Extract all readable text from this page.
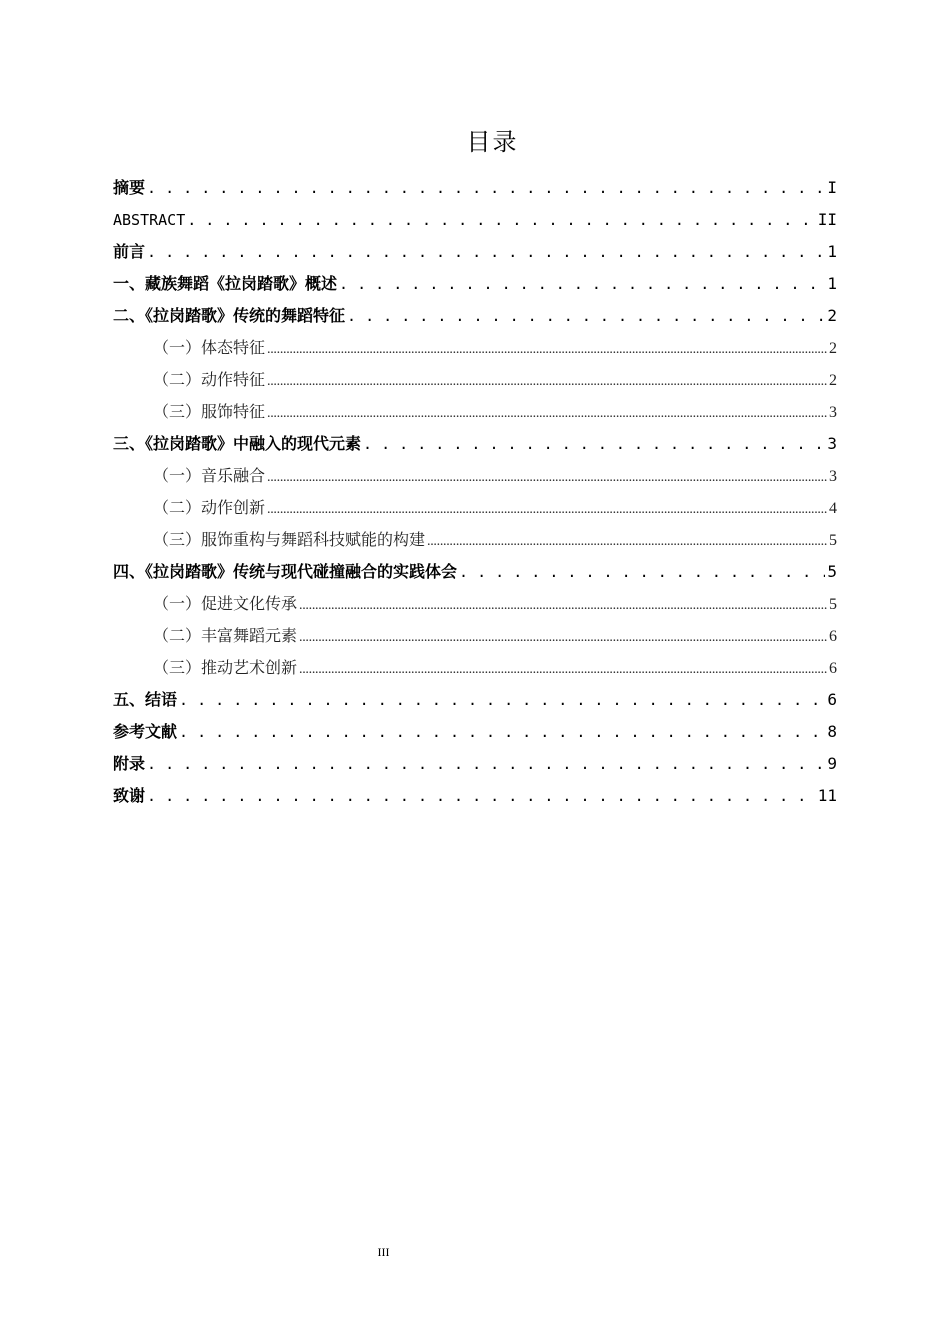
目录
摘要 . . .	I
ABSTRACT . . .	II
前言 . . .	1
一、藏族舞蹈《拉岗踏歌》概述 . . .	1
二、《拉岗踏歌》传统的舞蹈特征 . . .	2
（一）体态特征 .....	2
（二）动作特征 .....	2
（三）服饰特征 .....	3
三、《拉岗踏歌》中融入的现代元素 . . .	3
（一）音乐融合 .....	3
（二）动作创新 .....	4
（三）服饰重构与舞蹈科技赋能的构建 .....	5
四、《拉岗踏歌》传统与现代碰撞融合的实践体会 . . .	5
（一）促进文化传承 .....	5
（二）丰富舞蹈元素 .....	6
（三）推动艺术创新 .....	6
五、结语 . . .	6
参考文献 . . .	8
附录 . . .	9
致谢 . . .	11
III
